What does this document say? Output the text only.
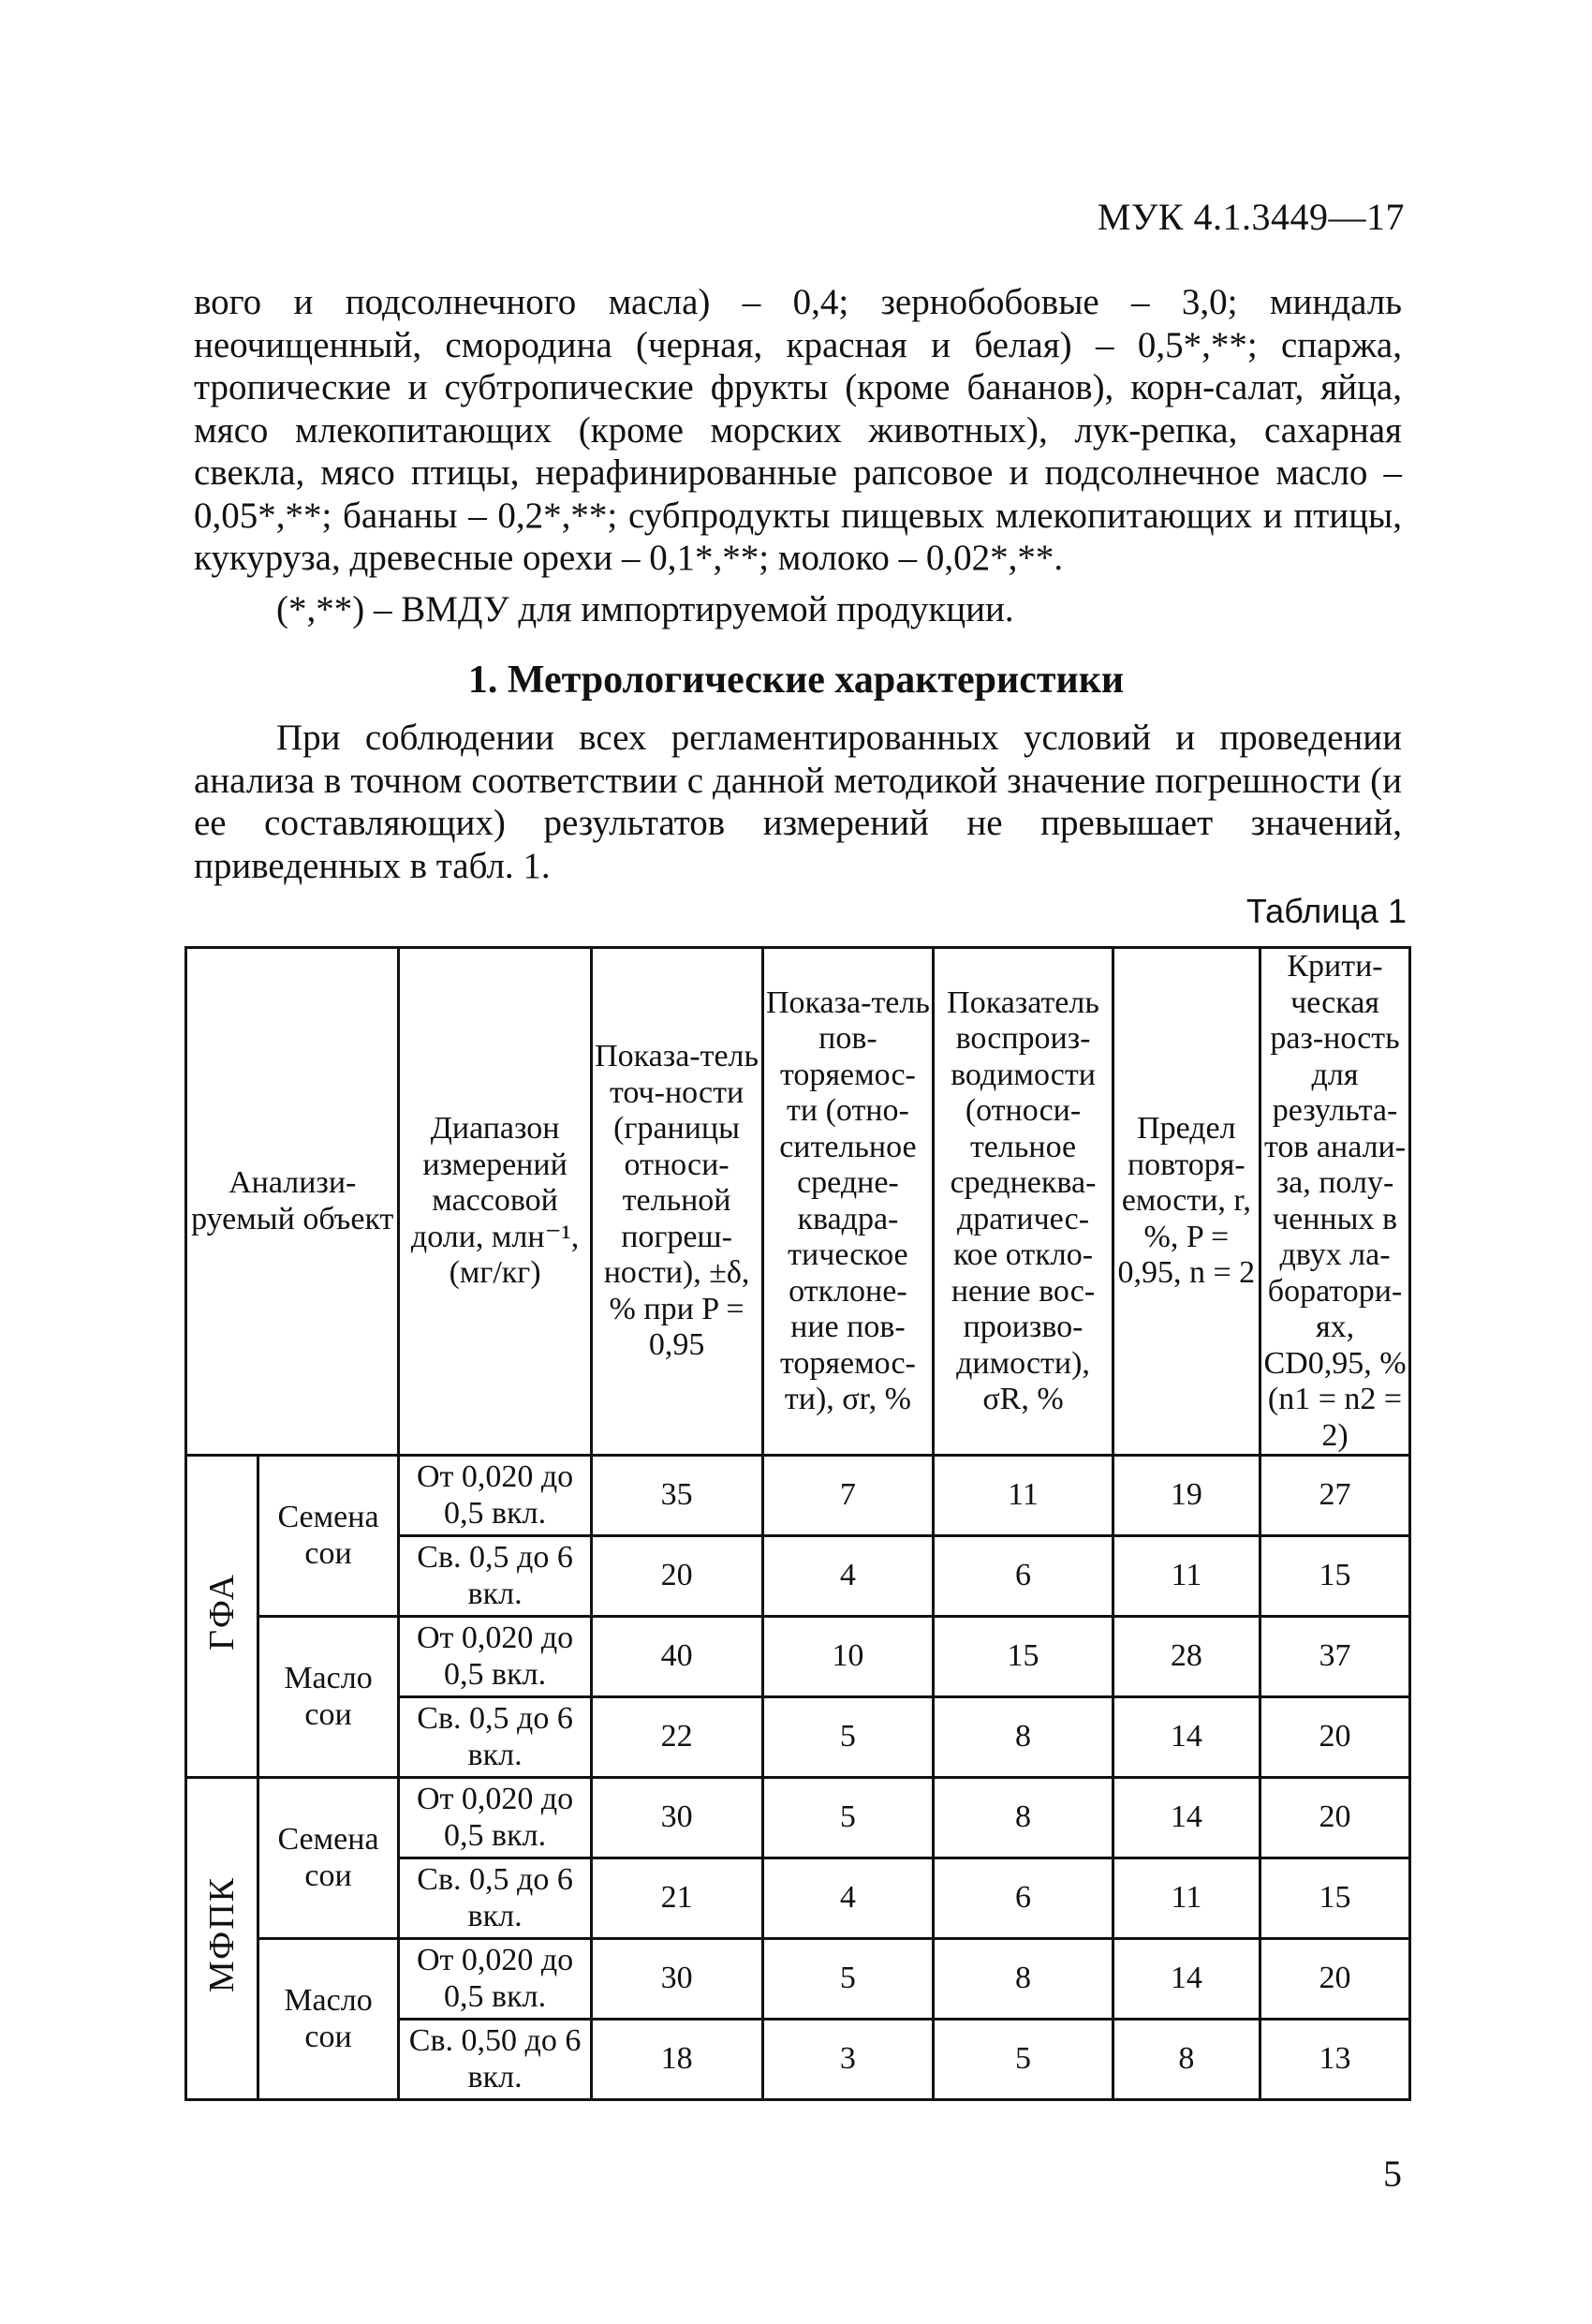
МУК 4.1.3449—17
вого и подсолнечного масла) – 0,4; зернобобовые – 3,0; миндаль неочищенный, смородина (черная, красная и белая) – 0,5*,**; спаржа, тропические и субтропические фрукты (кроме бананов), корн-салат, яйца, мясо млекопитающих (кроме морских животных), лук-репка, сахарная свекла, мясо птицы, нерафинированные рапсовое и подсолнечное масло – 0,05*,**; бананы – 0,2*,**; субпродукты пищевых млекопитающих и птицы, кукуруза, древесные орехи – 0,1*,**; молоко – 0,02*,**.
(*,**) – ВМДУ для импортируемой продукции.
1. Метрологические характеристики
При соблюдении всех регламентированных условий и проведении анализа в точном соответствии с данной методикой значение погрешности (и ее составляющих) результатов измерений не превышает значений, приведенных в табл. 1.
Таблица 1
Анализи-руемый объект		Диапазон измерений массовой доли, млн⁻¹, (мг/кг)	Показа-тель точ-ности (границы относи-тельной погреш-ности), ±δ, % при P = 0,95	Показа-тель пов-торяемос-ти (отно-сительное средне-квадра-тическое отклоне-ние пов-торяемос-ти), σr, %	Показатель воспроиз-водимости (относи-тельное среднеква-дратичес-кое откло-нение вос-произво-димости), σR, %	Предел повторя-емости, r, %, P = 0,95, n = 2	Крити-ческая раз-ность для результа-тов анали-за, полу-ченных в двух ла-боратори-ях, CD0,95, % (n1 = n2 = 2)
ГФА	Семена сои	От 0,020 до 0,5 вкл.	35	7	11	19	27
		Св. 0,5 до 6 вкл.	20	4	6	11	15
	Масло сои	От 0,020 до 0,5 вкл.	40	10	15	28	37
		Св. 0,5 до 6 вкл.	22	5	8	14	20
МФПК	Семена сои	От 0,020 до 0,5 вкл.	30	5	8	14	20
		Св. 0,5 до 6 вкл.	21	4	6	11	15
	Масло сои	От 0,020 до 0,5 вкл.	30	5	8	14	20
		Св. 0,50 до 6 вкл.	18	3	5	8	13
5
